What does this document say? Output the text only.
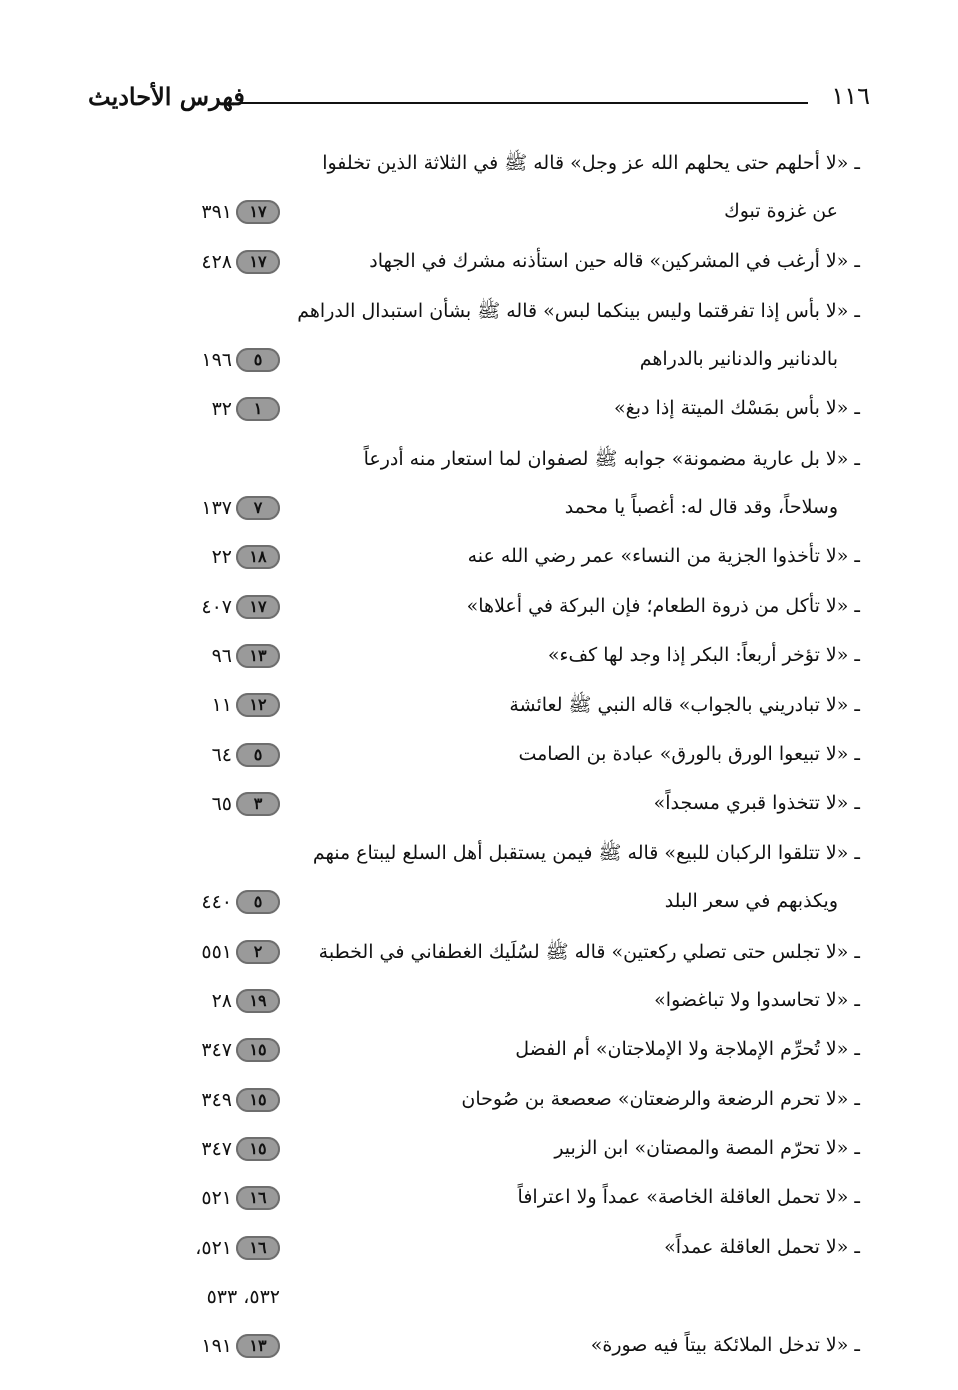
فهرس الأحاديث	١١٦
ـ «لا أحلهم حتى يحلهم الله عز وجل» قاله ﷺ في الثلاثة الذين تخلفوا
عن غزوة تبوك
١٧٣٩١
ـ «لا أرغب في المشركين» قاله حين استأذنه مشرك في الجهاد
١٧٤٢٨
ـ «لا بأس إذا تفرقتما وليس بينكما لبس» قاله ﷺ بشأن استبدال الدراهم
بالدنانير والدنانير بالدراهم
٥١٩٦
ـ «لا بأس بمَسْك الميتة إذا دبغ»
١٣٢
ـ «لا بل عارية مضمونة» جوابه ﷺ لصفوان لما استعار منه أدرعاً
وسلاحاً، وقد قال له: أغصباً يا محمد
٧١٣٧
ـ «لا تأخذوا الجزية من النساء» عمر رضي الله عنه
١٨٢٢
ـ «لا تأكل من ذروة الطعام؛ فإن البركة في أعلاها»
١٧٤٠٧
ـ «لا تؤخر أربعاً: البكر إذا وجد لها كفء»
١٣٩٦
ـ «لا تبادريني بالجواب» قاله النبي ﷺ لعائشة
١٢١١
ـ «لا تبيعوا الورق بالورق» عبادة بن الصامت
٥٦٤
ـ «لا تتخذوا قبري مسجداً»
٣٦٥
ـ «لا تتلقوا الركبان للبيع» قاله ﷺ فيمن يستقبل أهل السلع ليبتاع منهم
ويكذبهم في سعر البلد
٥٤٤٠
ـ «لا تجلس حتى تصلي ركعتين» قاله ﷺ لسُلَيك الغطفاني في الخطبة
٢٥٥١
ـ «لا تحاسدوا ولا تباغضوا»
١٩٢٨
ـ «لا تُحرِّم الإملاجة ولا الإملاجتان» أم الفضل
١٥٣٤٧
ـ «لا تحرم الرضعة والرضعتان» صعصعة بن صُوحان
١٥٣٤٩
ـ «لا تحرّم المصة والمصتان» ابن الزبير
١٥٣٤٧
ـ «لا تحمل العاقلة الخاصة» عمداً ولا اعترافاً
١٦٥٢١
ـ «لا تحمل العاقلة عمداً»
١٦٥٢١،
٥٣٢، ٥٣٣
ـ «لا تدخل الملائكة بيتاً فيه صورة»
١٣١٩١
